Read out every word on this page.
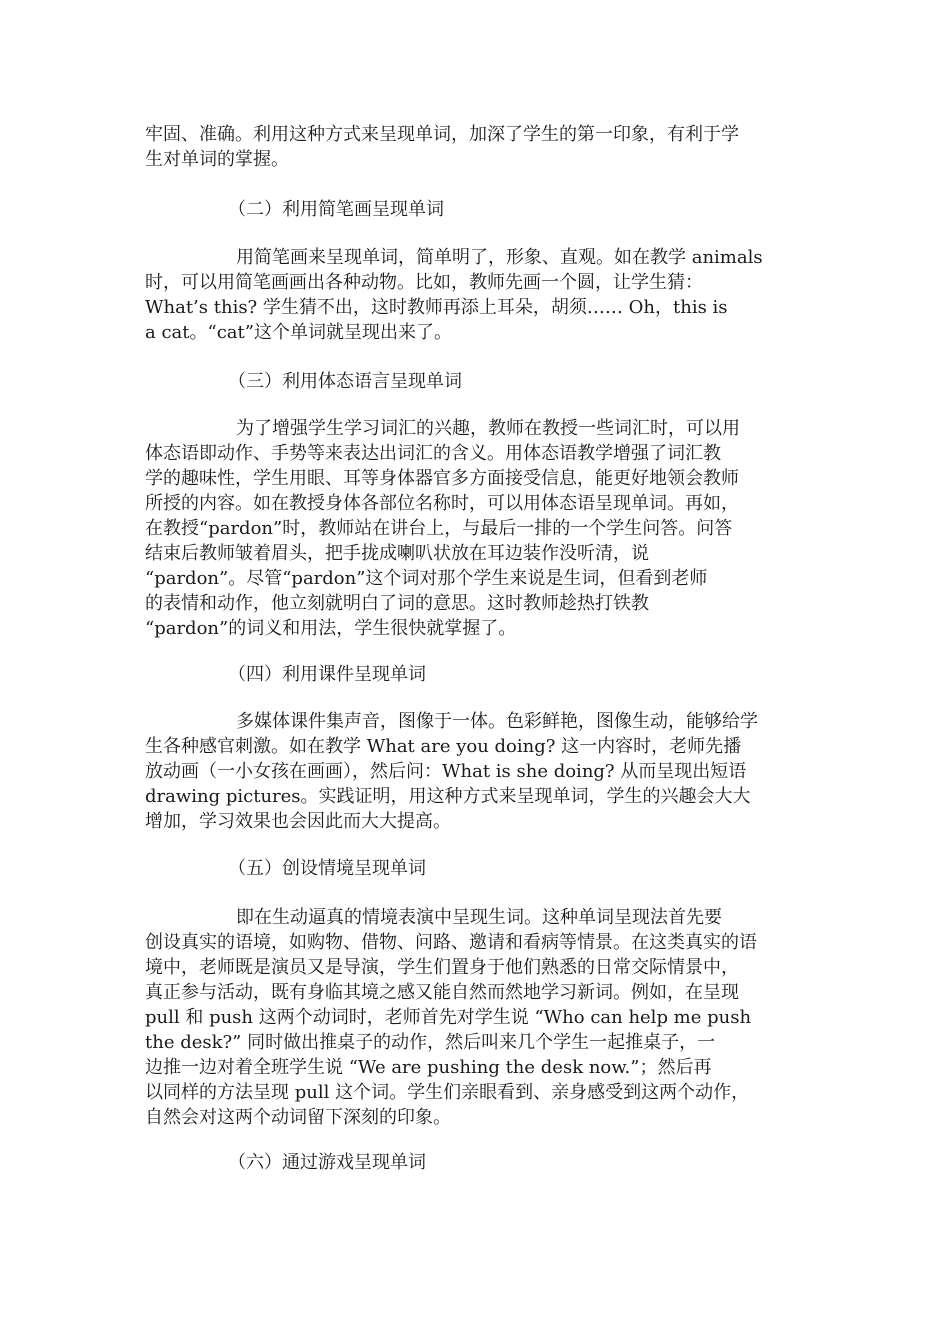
牢固、准确。利用这种方式来呈现单词，加深了学生的第一印象，有利于学
生对单词的掌握。
（二）利用简笔画呈现单词
用简笔画来呈现单词，简单明了，形象、直观。如在教学 animals
时，可以用简笔画画出各种动物。比如，教师先画一个圆，让学生猜：
What’s this? 学生猜不出，这时教师再添上耳朵，胡须…… Oh，this is
a cat。“cat”这个单词就呈现出来了。
（三）利用体态语言呈现单词
为了增强学生学习词汇的兴趣，教师在教授一些词汇时，可以用
体态语即动作、手势等来表达出词汇的含义。用体态语教学增强了词汇教
学的趣味性，学生用眼、耳等身体器官多方面接受信息，能更好地领会教师
所授的内容。如在教授身体各部位名称时，可以用体态语呈现单词。再如，
在教授“pardon”时，教师站在讲台上，与最后一排的一个学生问答。问答
结束后教师皱着眉头，把手拢成喇叭状放在耳边装作没听清，说
“pardon”。尽管“pardon”这个词对那个学生来说是生词，但看到老师
的表情和动作，他立刻就明白了词的意思。这时教师趁热打铁教
“pardon”的词义和用法，学生很快就掌握了。
（四）利用课件呈现单词
多媒体课件集声音，图像于一体。色彩鲜艳，图像生动，能够给学
生各种感官刺激。如在教学 What are you doing? 这一内容时，老师先播
放动画（一小女孩在画画），然后问：What is she doing? 从而呈现出短语
drawing pictures。实践证明，用这种方式来呈现单词，学生的兴趣会大大
增加，学习效果也会因此而大大提高。
（五）创设情境呈现单词
即在生动逼真的情境表演中呈现生词。这种单词呈现法首先要
创设真实的语境，如购物、借物、问路、邀请和看病等情景。在这类真实的语
境中，老师既是演员又是导演，学生们置身于他们熟悉的日常交际情景中，
真正参与活动，既有身临其境之感又能自然而然地学习新词。例如，在呈现
pull 和 push 这两个动词时，老师首先对学生说 “Who can help me push
the desk?” 同时做出推桌子的动作，然后叫来几个学生一起推桌子，一
边推一边对着全班学生说 “We are pushing the desk now.”；然后再
以同样的方法呈现 pull 这个词。学生们亲眼看到、亲身感受到这两个动作，
自然会对这两个动词留下深刻的印象。
（六）通过游戏呈现单词
